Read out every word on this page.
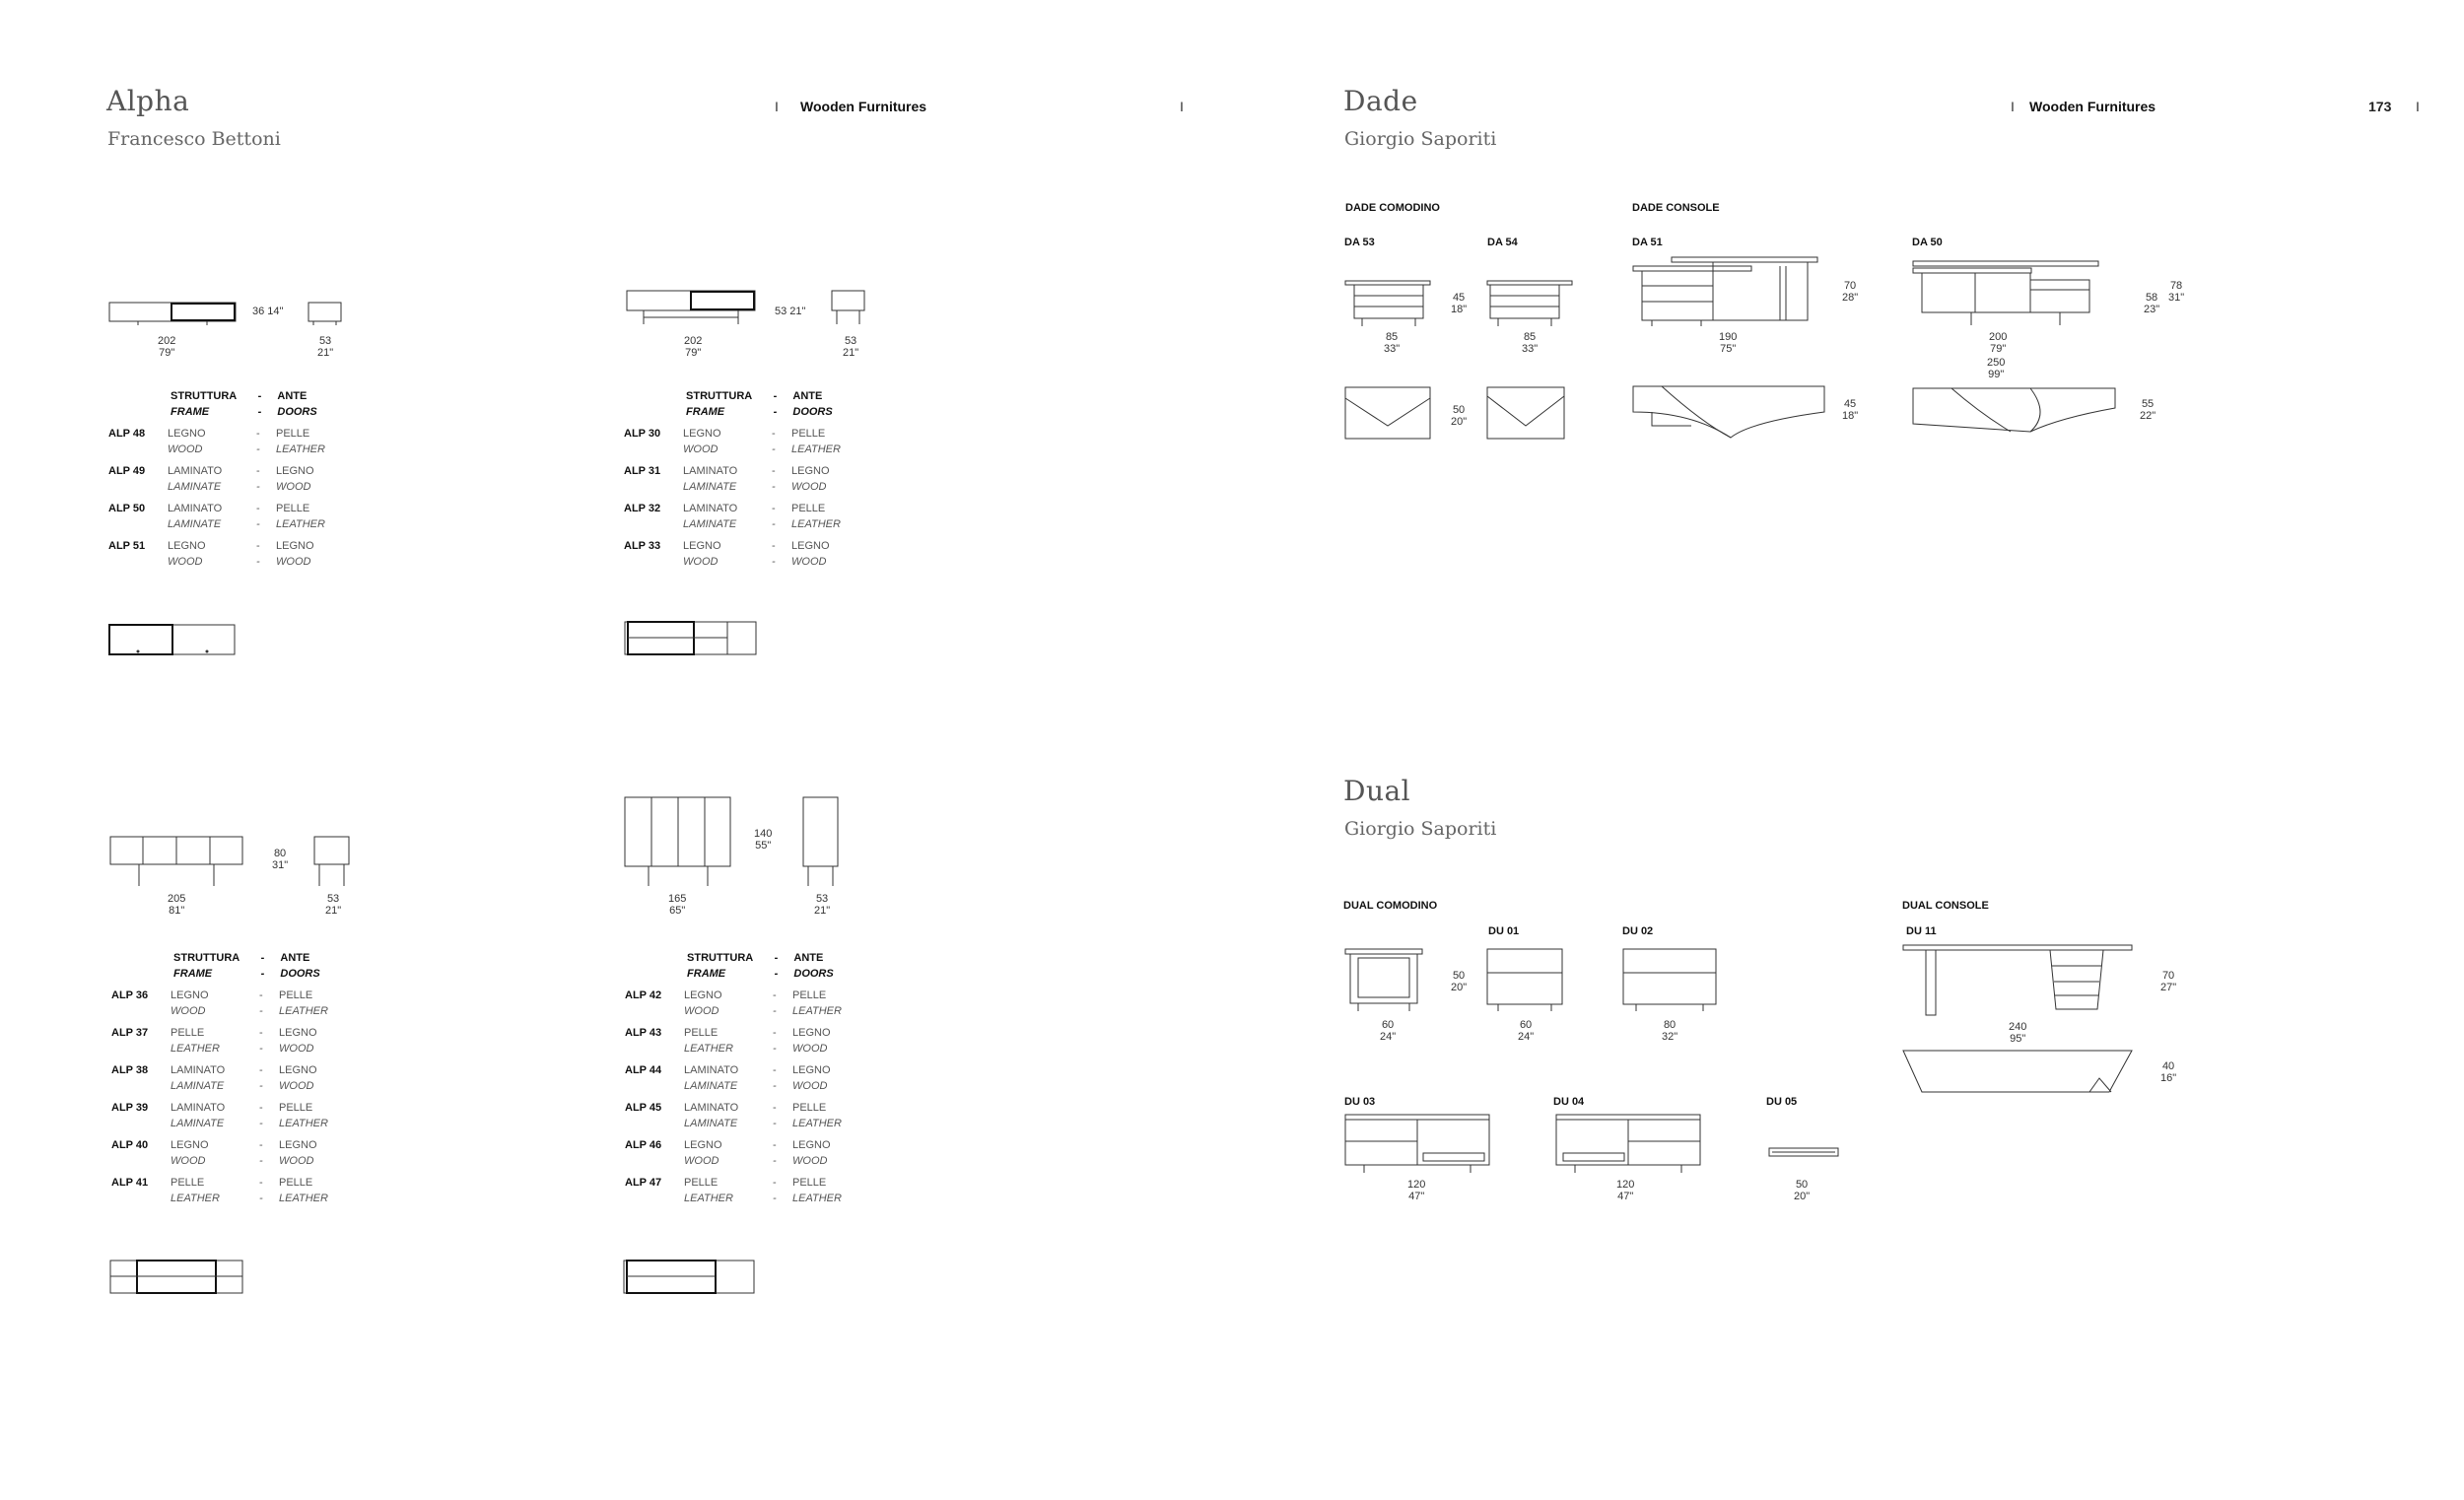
Alpha
Francesco Bettoni
I Wooden Furnitures	I
202
79"
36 14"
53
21"
STRUTTURA	-	ANTE
FRAME	-	DOORS
ALP 48	LEGNO	-	PELLE
WOOD	-	LEATHER
ALP 49	LAMINATO	-	LEGNO
LAMINATE	-	WOOD
ALP 50	LAMINATO	-	PELLE
LAMINATE	-	LEATHER
ALP 51	LEGNO	-	LEGNO
WOOD	-	WOOD
202
79"
53 21"
53
21"
STRUTTURA	-	ANTE
FRAME	-	DOORS
ALP 30	LEGNO	-	PELLE
WOOD	-	LEATHER
ALP 31	LAMINATO	-	LEGNO
LAMINATE	-	WOOD
ALP 32	LAMINATO	-	PELLE
LAMINATE	-	LEATHER
ALP 33	LEGNO	-	LEGNO
WOOD	-	WOOD
205
81"
80
31"
53
21"
STRUTTURA	-	ANTE
FRAME	-	DOORS
ALP 36	LEGNO	-	PELLE
WOOD	-	LEATHER
ALP 37	PELLE	-	LEGNO
LEATHER	-	WOOD
ALP 38	LAMINATO	-	LEGNO
LAMINATE	-	WOOD
ALP 39	LAMINATO	-	PELLE
LAMINATE	-	LEATHER
ALP 40	LEGNO	-	LEGNO
WOOD	-	WOOD
ALP 41	PELLE	-	PELLE
LEATHER	-	LEATHER
165
65"
140
55"
53
21"
STRUTTURA	-	ANTE
FRAME	-	DOORS
ALP 42	LEGNO	-	PELLE
WOOD	-	LEATHER
ALP 43	PELLE	-	LEGNO
LEATHER	-	WOOD
ALP 44	LAMINATO	-	LEGNO
LAMINATE	-	WOOD
ALP 45	LAMINATO	-	PELLE
LAMINATE	-	LEATHER
ALP 46	LEGNO	-	LEGNO
WOOD	-	WOOD
ALP 47	PELLE	-	PELLE
LEATHER	-	LEATHER
Dade
Giorgio Saporiti
I Wooden Furnitures	173 I
DADE COMODINO	DADE CONSOLE
DA 53	DA 54	DA 51	DA 50
85
33"
45
18"
85
33"
50
20"
190
75"
70
28"
45
18"
200
79"
58
23"
78
31"
250
99"
55
22"
Dual
Giorgio Saporiti
DUAL COMODINO	DUAL CONSOLE
DU 01	DU 02	DU 11
60
24"
50
20"
60
24"
80
32"
240
95"
70
27"
40
16"
DU 03	DU 04	DU 05
120
47"
120
47"
50
20"
